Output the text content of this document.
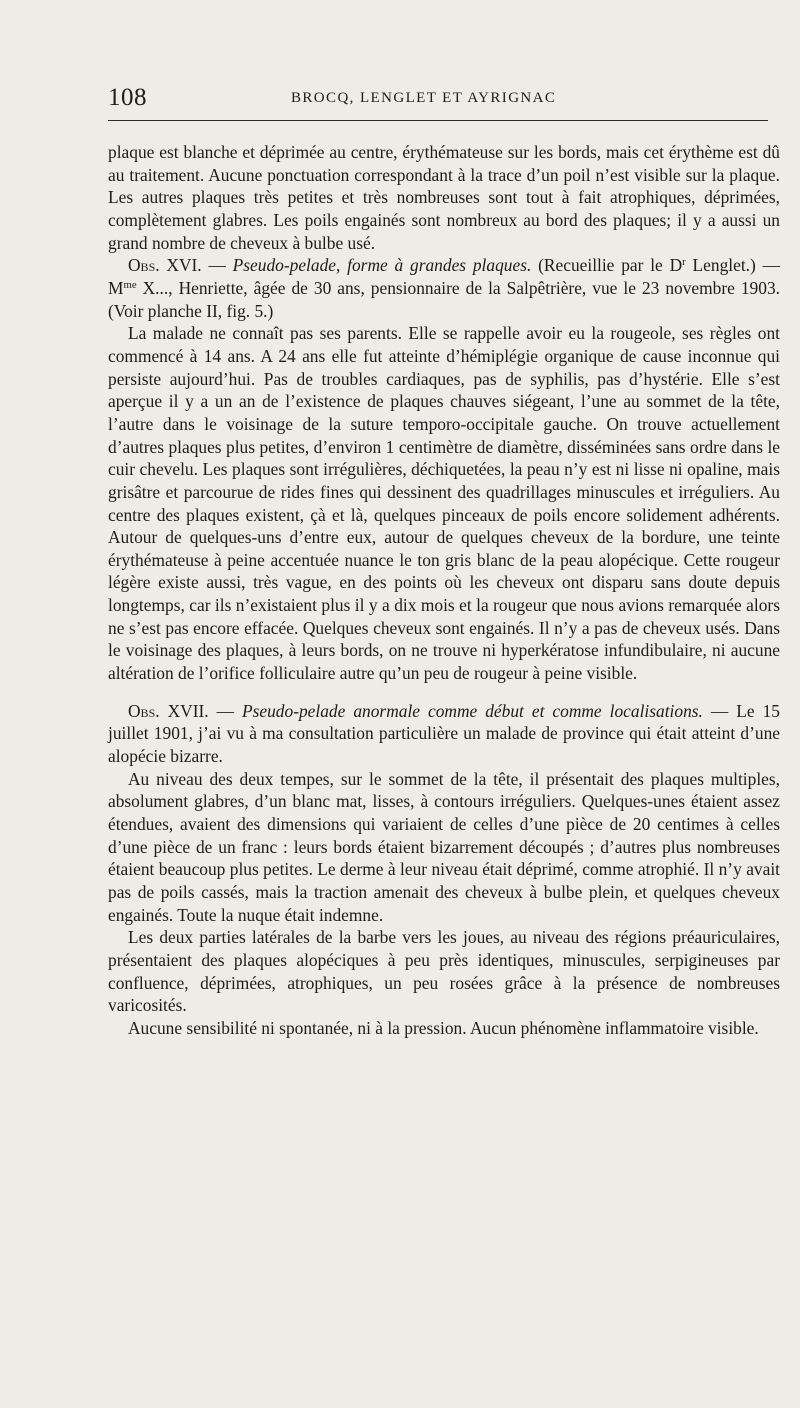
108	BROCQ, LENGLET ET AYRIGNAC

plaque est blanche et déprimée au centre, érythémateuse sur les bords, mais cet érythème est dû au traitement. Aucune ponctuation correspondant à la trace d’un poil n’est visible sur la plaque. Les autres plaques très petites et très nombreuses sont tout à fait atrophiques, déprimées, complètement glabres. Les poils engainés sont nombreux au bord des plaques; il y a aussi un grand nombre de cheveux à bulbe usé.

Obs. XVI. — Pseudo-pelade, forme à grandes plaques. (Recueillie par le $D^r$ Lenglet.) — $M^{me}$ X..., Henriette, âgée de 30 ans, pensionnaire de la Salpêtrière, vue le 23 novembre 1903. (Voir planche II, fig. 5.)

La malade ne connaît pas ses parents. Elle se rappelle avoir eu la rougeole, ses règles ont commencé à 14 ans. A 24 ans elle fut atteinte d’hémiplégie organique de cause inconnue qui persiste aujourd’hui. Pas de troubles cardiaques, pas de syphilis, pas d’hystérie. Elle s’est aperçue il y a un an de l’existence de plaques chauves siégeant, l’une au sommet de la tête, l’autre dans le voisinage de la suture temporo-occipitale gauche. On trouve actuellement d’autres plaques plus petites, d’environ 1 centimètre de diamètre, disséminées sans ordre dans le cuir chevelu. Les plaques sont irrégulières, déchiquetées, la peau n’y est ni lisse ni opaline, mais grisâtre et parcourue de rides fines qui dessinent des quadrillages minuscules et irréguliers. Au centre des plaques existent, çà et là, quelques pinceaux de poils encore solidement adhérents. Autour de quelques-uns d’entre eux, autour de quelques cheveux de la bordure, une teinte érythémateuse à peine accentuée nuance le ton gris blanc de la peau alopécique. Cette rougeur légère existe aussi, très vague, en des points où les cheveux ont disparu sans doute depuis longtemps, car ils n’existaient plus il y a dix mois et la rougeur que nous avions remarquée alors ne s’est pas encore effacée. Quelques cheveux sont engainés. Il n’y a pas de cheveux usés. Dans le voisinage des plaques, à leurs bords, on ne trouve ni hyperkératose infundibulaire, ni aucune altération de l’orifice folliculaire autre qu’un peu de rougeur à peine visible.

Obs. XVII. — Pseudo-pelade anormale comme début et comme localisations. — Le 15 juillet 1901, j’ai vu à ma consultation particulière un malade de province qui était atteint d’une alopécie bizarre.

Au niveau des deux tempes, sur le sommet de la tête, il présentait des plaques multiples, absolument glabres, d’un blanc mat, lisses, à contours irréguliers. Quelques-unes étaient assez étendues, avaient des dimensions qui variaient de celles d’une pièce de 20 centimes à celles d’une pièce de un franc : leurs bords étaient bizarrement découpés ; d’autres plus nombreuses étaient beaucoup plus petites. Le derme à leur niveau était déprimé, comme atrophié. Il n’y avait pas de poils cassés, mais la traction amenait des cheveux à bulbe plein, et quelques cheveux engainés. Toute la nuque était indemne.

Les deux parties latérales de la barbe vers les joues, au niveau des régions préauriculaires, présentaient des plaques alopéciques à peu près identiques, minuscules, serpigineuses par confluence, déprimées, atrophiques, un peu rosées grâce à la présence de nombreuses varicosités.

Aucune sensibilité ni spontanée, ni à la pression. Aucun phénomène inflammatoire visible.
